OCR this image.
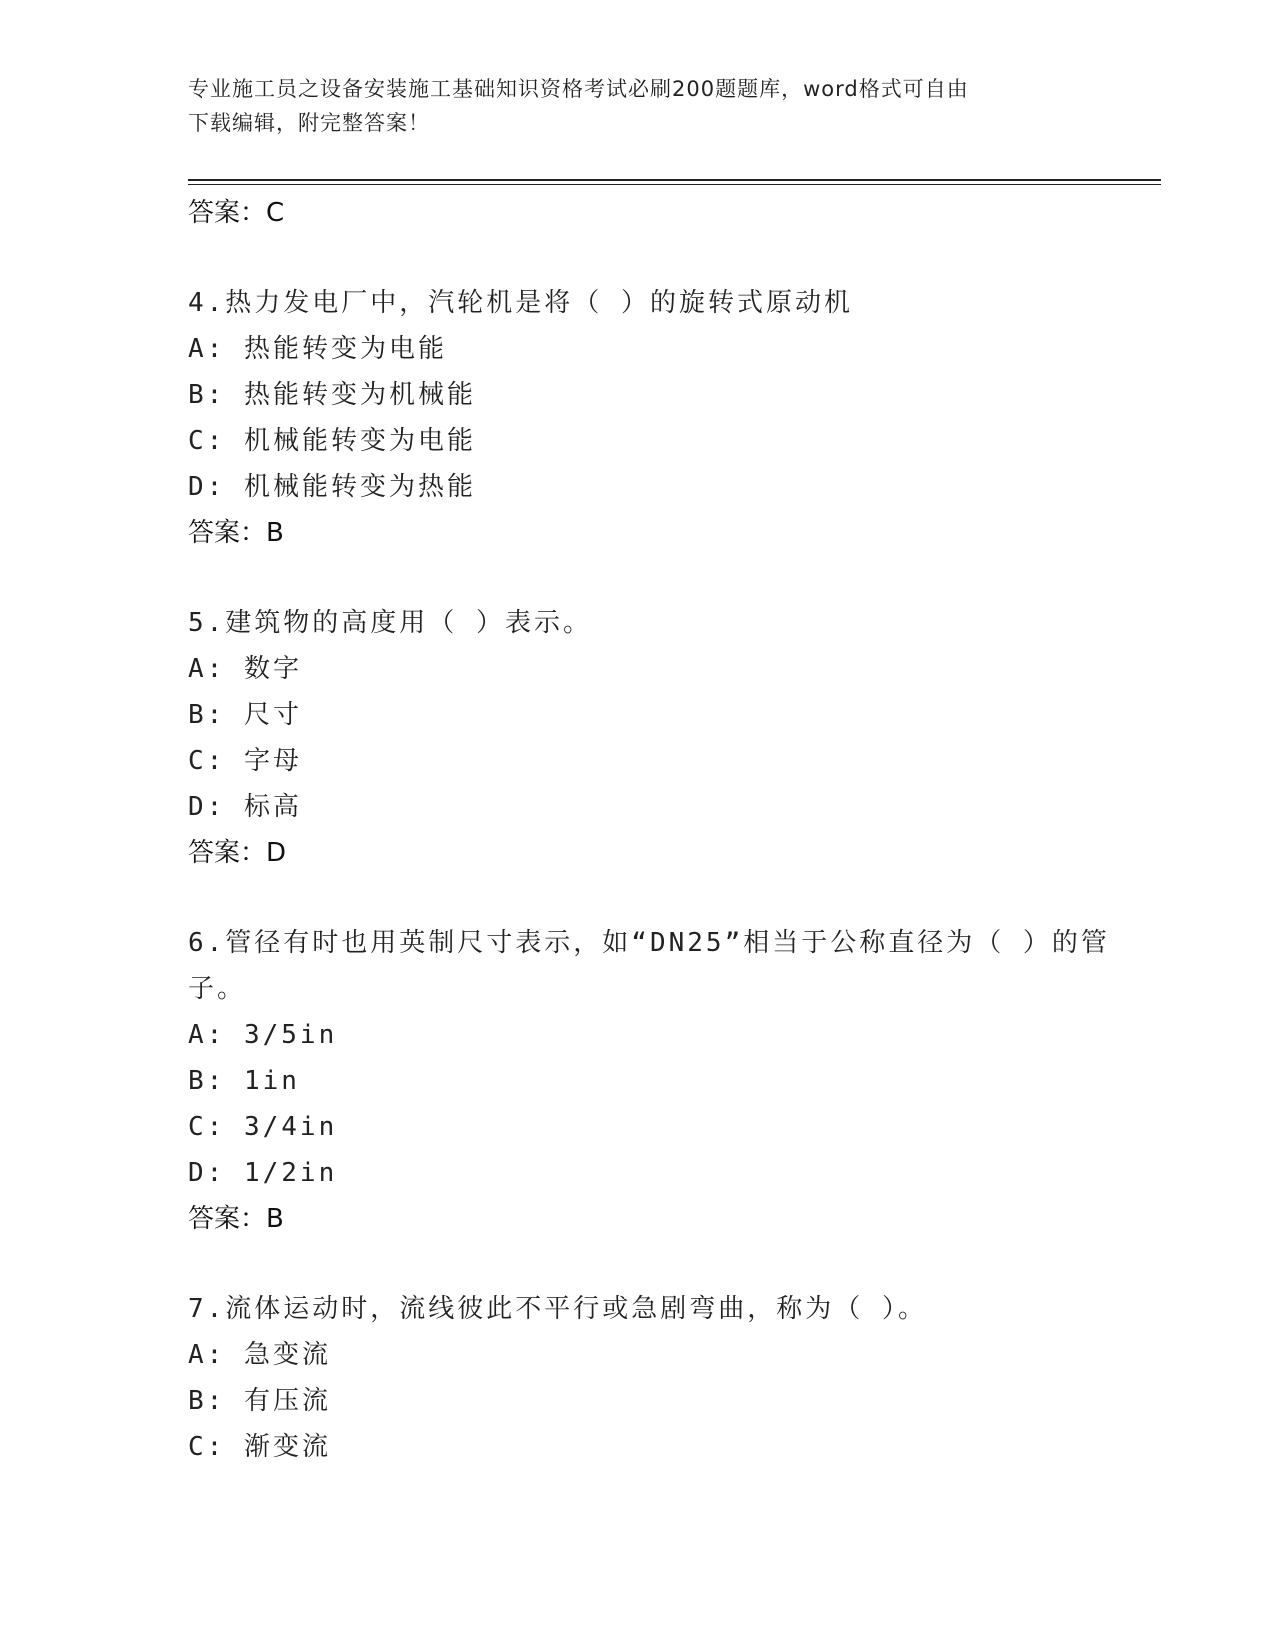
专业施工员之设备安装施工基础知识资格考试必刷200题题库，word格式可自由
下载编辑，附完整答案！
答案：C
4.热力发电厂中，汽轮机是将（ ）的旋转式原动机
A: 热能转变为电能
B: 热能转变为机械能
C: 机械能转变为电能
D: 机械能转变为热能
答案：B
5.建筑物的高度用（ ）表示。
A: 数字
B: 尺寸
C: 字母
D: 标高
答案：D
6.管径有时也用英制尺寸表示，如“DN25”相当于公称直径为（ ）的管子。
A: 3/5in
B: 1in
C: 3/4in
D: 1/2in
答案：B
7.流体运动时，流线彼此不平行或急剧弯曲，称为（ ）。
A: 急变流
B: 有压流
C: 渐变流
